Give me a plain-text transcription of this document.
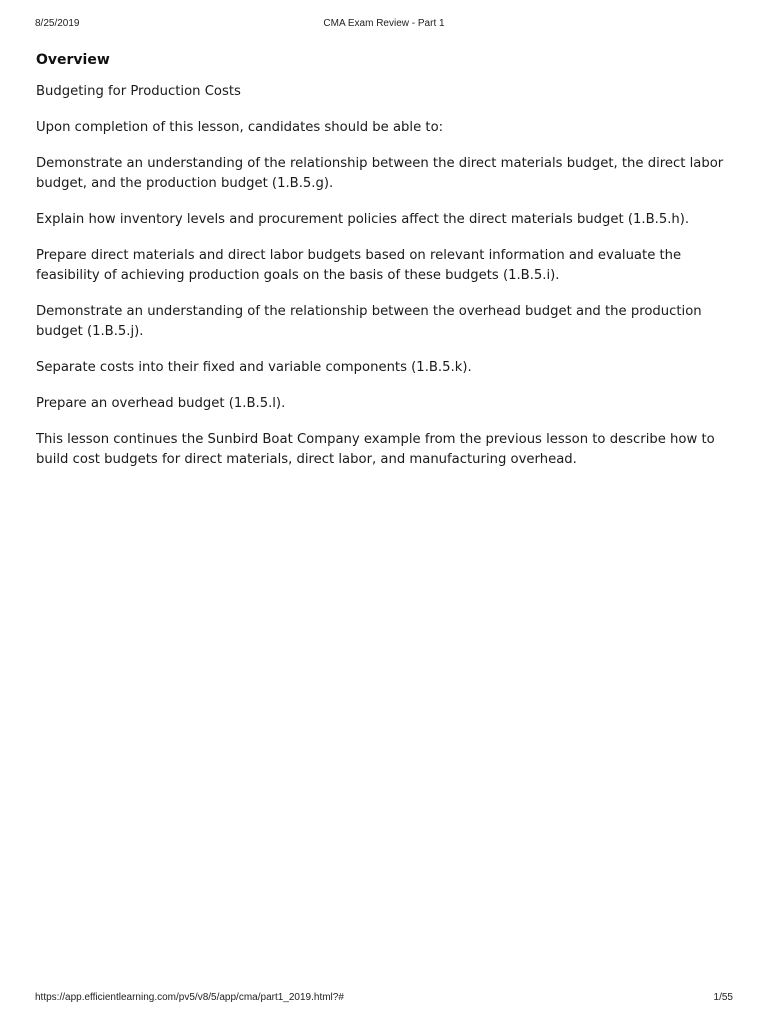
8/25/2019	CMA Exam Review - Part 1
Overview

Budgeting for Production Costs

Upon completion of this lesson, candidates should be able to:

Demonstrate an understanding of the relationship between the direct materials budget, the direct labor budget, and the production budget (1.B.5.g).

Explain how inventory levels and procurement policies affect the direct materials budget (1.B.5.h).

Prepare direct materials and direct labor budgets based on relevant information and evaluate the feasibility of achieving production goals on the basis of these budgets (1.B.5.i).

Demonstrate an understanding of the relationship between the overhead budget and the production budget (1.B.5.j).

Separate costs into their fixed and variable components (1.B.5.k).

Prepare an overhead budget (1.B.5.l).

This lesson continues the Sunbird Boat Company example from the previous lesson to describe how to build cost budgets for direct materials, direct labor, and manufacturing overhead.

https://app.efficientlearning.com/pv5/v8/5/app/cma/part1_2019.html?#	1/55
